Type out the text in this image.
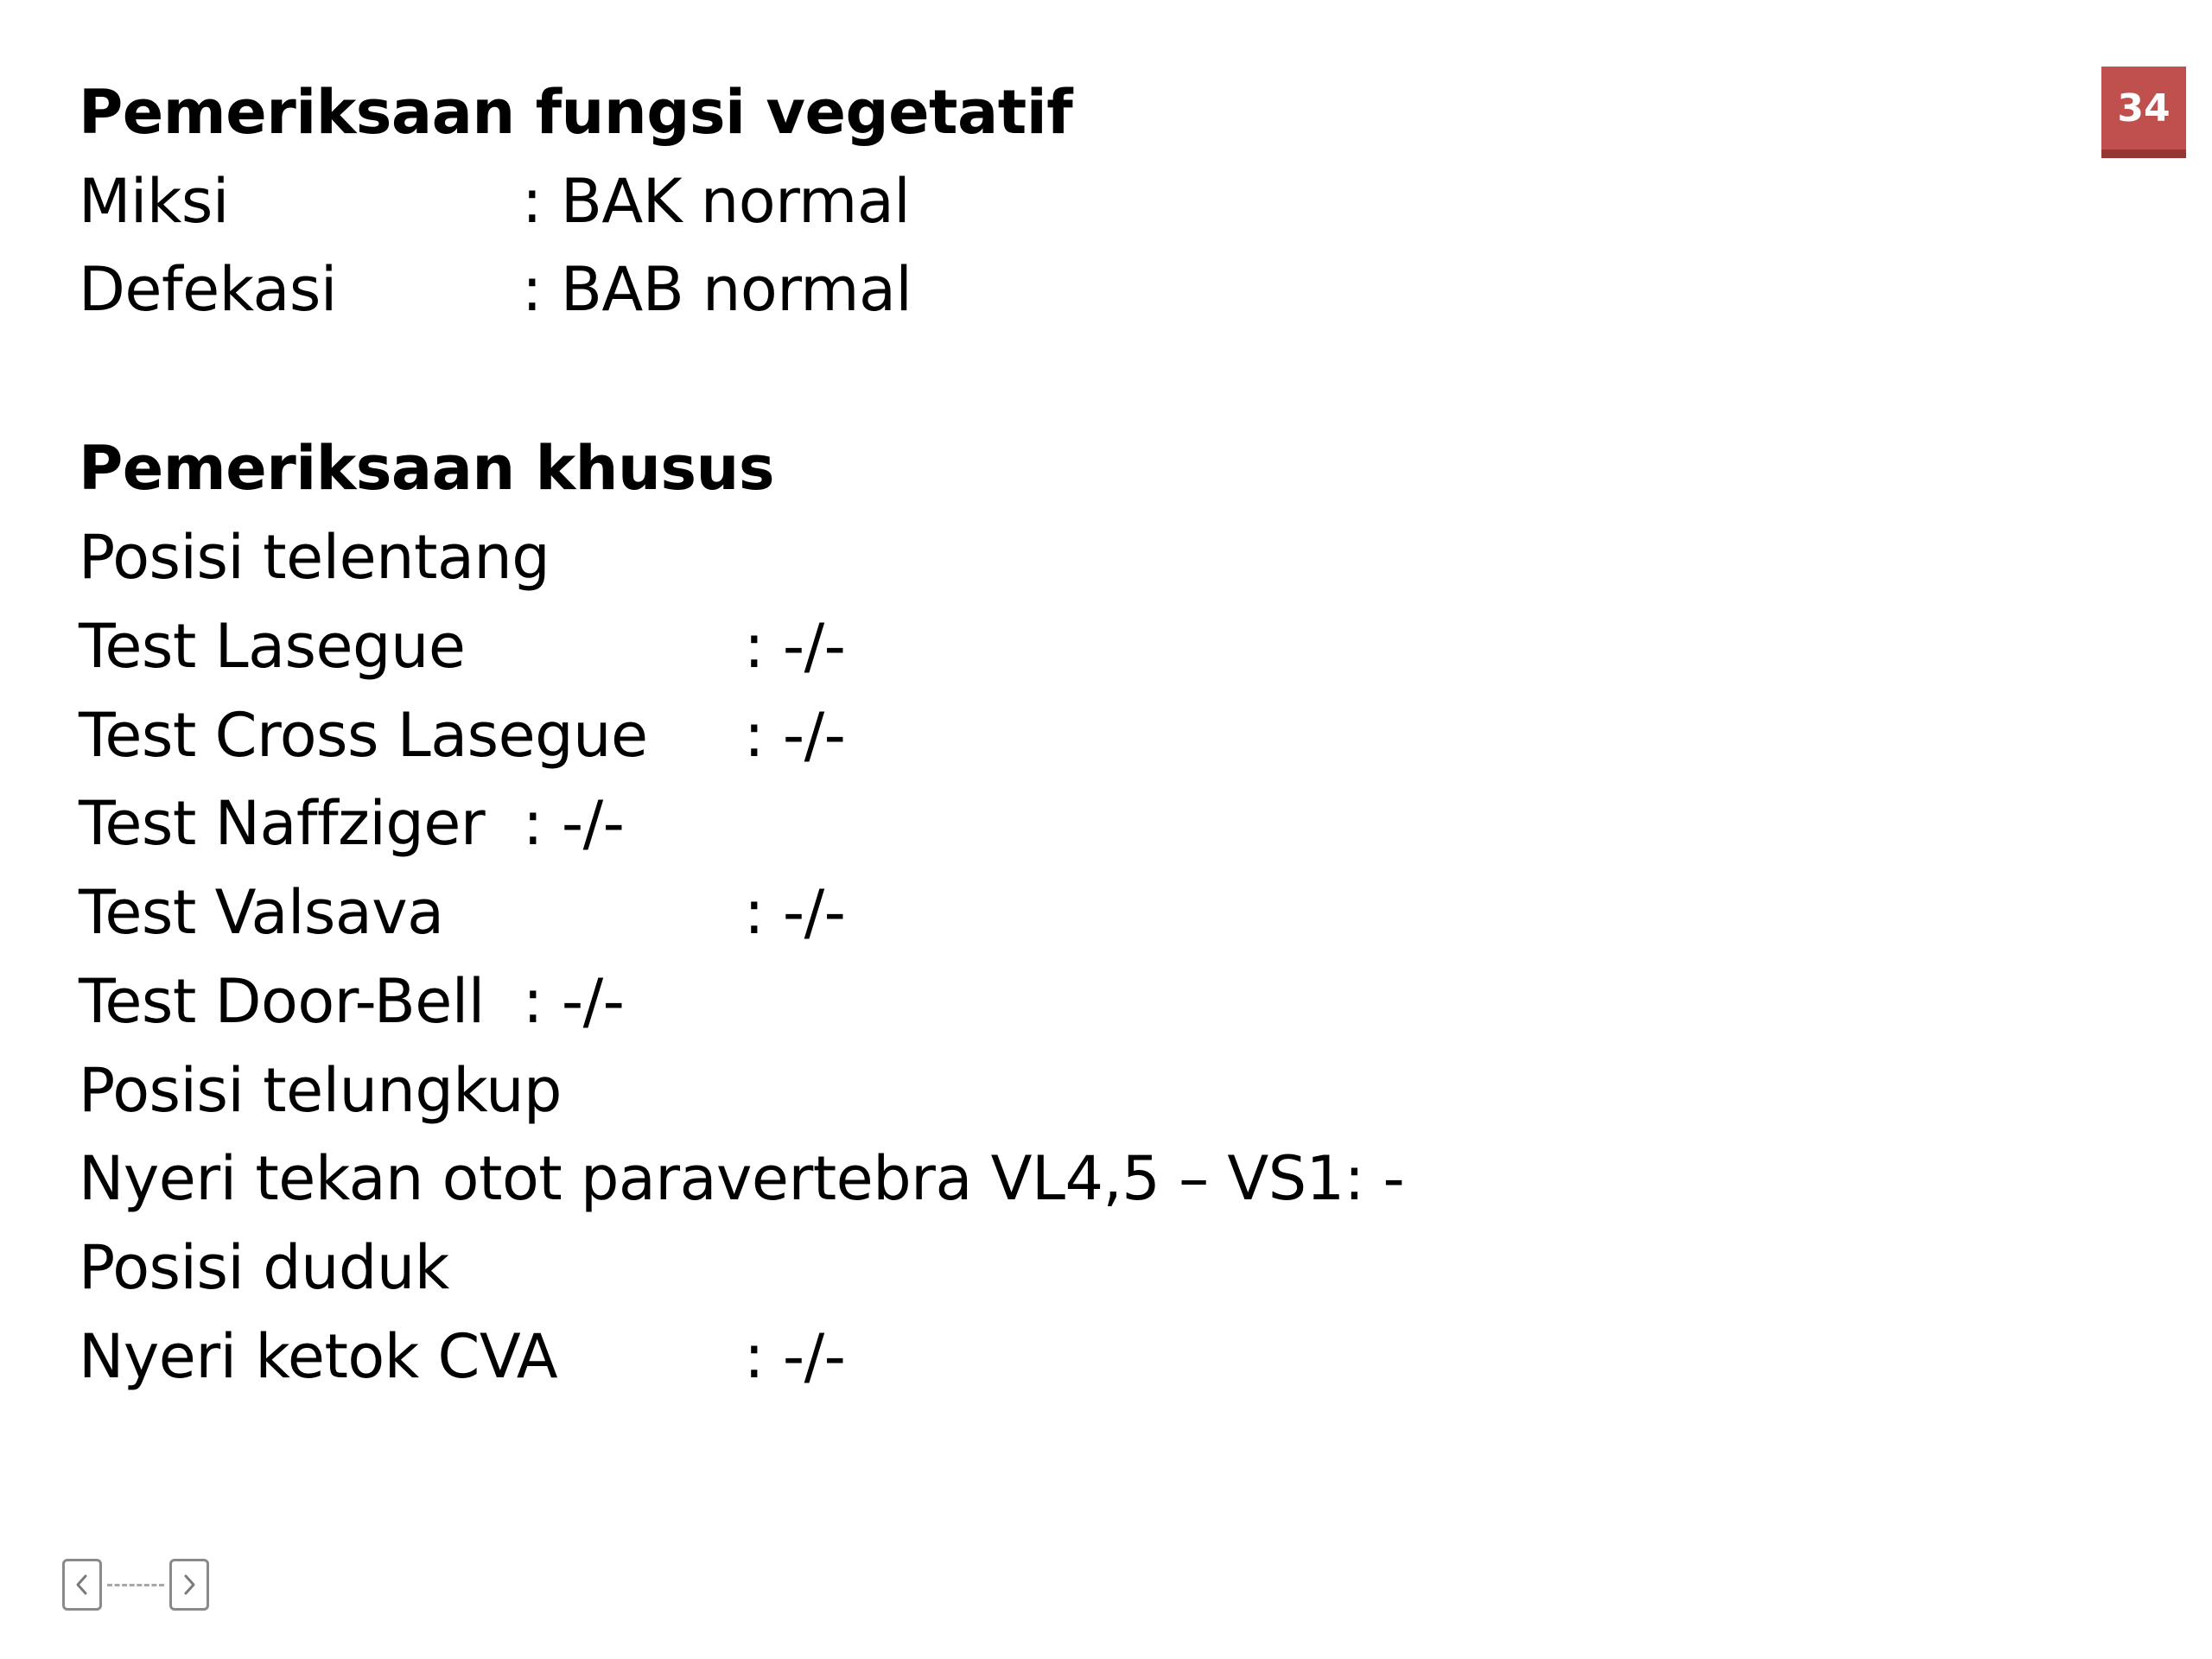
Pemeriksaan fungsi vegetatif
Miksi	: BAK normal
Defekasi	: BAB normal
Pemeriksaan khusus
Posisi telentang
Test Lasegue	: -/-
Test Cross Lasegue : -/-
Test Naffziger : -/-
Test Valsava	: -/-
Test Door-Bell : -/-
Posisi telungkup
Nyeri tekan otot paravertebra VL4,5 – VS1: -
Posisi duduk
Nyeri ketok CVA	: -/-
34
